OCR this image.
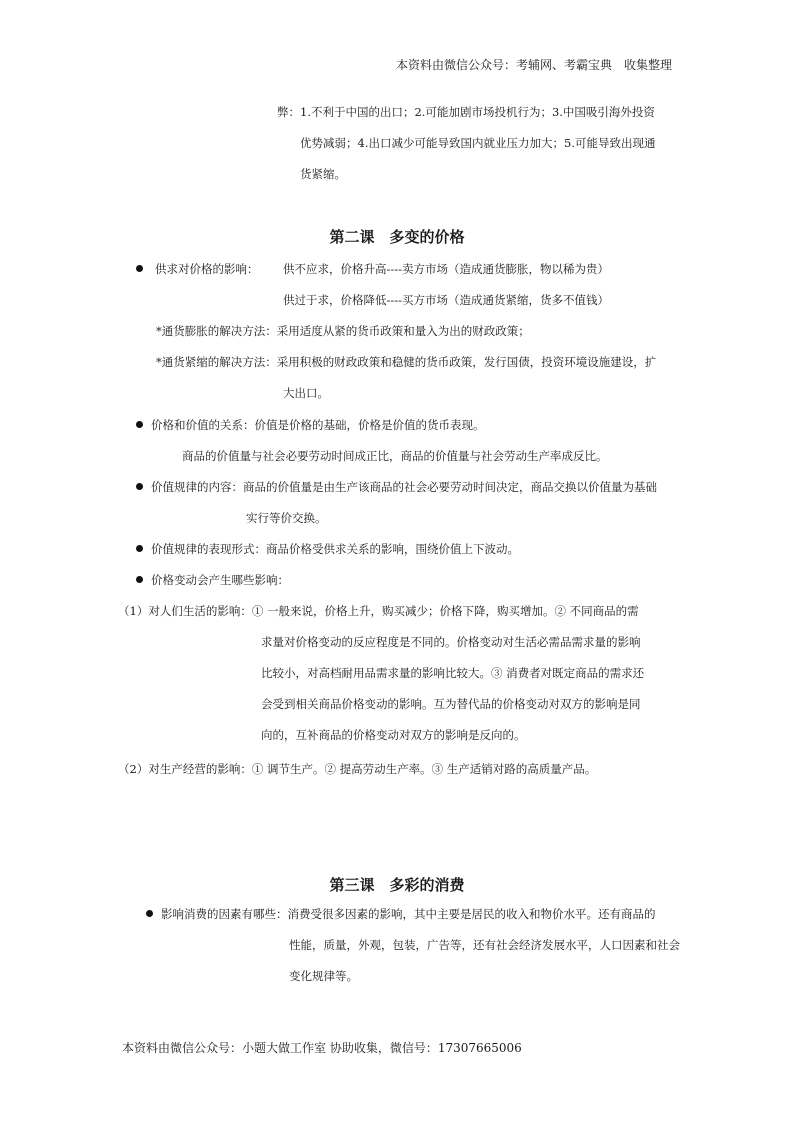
本资料由微信公众号：考辅网、考霸宝典　收集整理
弊：1.不利于中国的出口；2.可能加剧市场投机行为；3.中国吸引海外投资
优势减弱；4.出口减少可能导致国内就业压力加大；5.可能导致出现通
货紧缩。
第二课　多变的价格
供求对价格的影响： 供不应求，价格升高----卖方市场（造成通货膨胀，物以稀为贵）
供过于求，价格降低----买方市场（造成通货紧缩，货多不值钱）
*通货膨胀的解决方法：采用适度从紧的货币政策和量入为出的财政政策；
*通货紧缩的解决方法：采用积极的财政政策和稳健的货币政策，发行国债，投资环境设施建设，扩
大出口。
价格和价值的关系：价值是价格的基础，价格是价值的货币表现。
商品的价值量与社会必要劳动时间成正比，商品的价值量与社会劳动生产率成反比。
价值规律的内容：商品的价值量是由生产该商品的社会必要劳动时间决定，商品交换以价值量为基础
实行等价交换。
价值规律的表现形式：商品价格受供求关系的影响，围绕价值上下波动。
价格变动会产生哪些影响：
（1）对人们生活的影响：① 一般来说，价格上升，购买减少；价格下降，购买增加。② 不同商品的需
求量对价格变动的反应程度是不同的。价格变动对生活必需品需求量的影响
比较小，对高档耐用品需求量的影响比较大。③ 消费者对既定商品的需求还
会受到相关商品价格变动的影响。互为替代品的价格变动对双方的影响是同
向的，互补商品的价格变动对双方的影响是反向的。
（2）对生产经营的影响：① 调节生产。② 提高劳动生产率。③ 生产适销对路的高质量产品。
第三课　多彩的消费
影响消费的因素有哪些：消费受很多因素的影响，其中主要是居民的收入和物价水平。还有商品的
性能，质量，外观，包装，广告等，还有社会经济发展水平，人口因素和社会
变化规律等。
本资料由微信公众号：小题大做工作室 协助收集，微信号：17307665006
